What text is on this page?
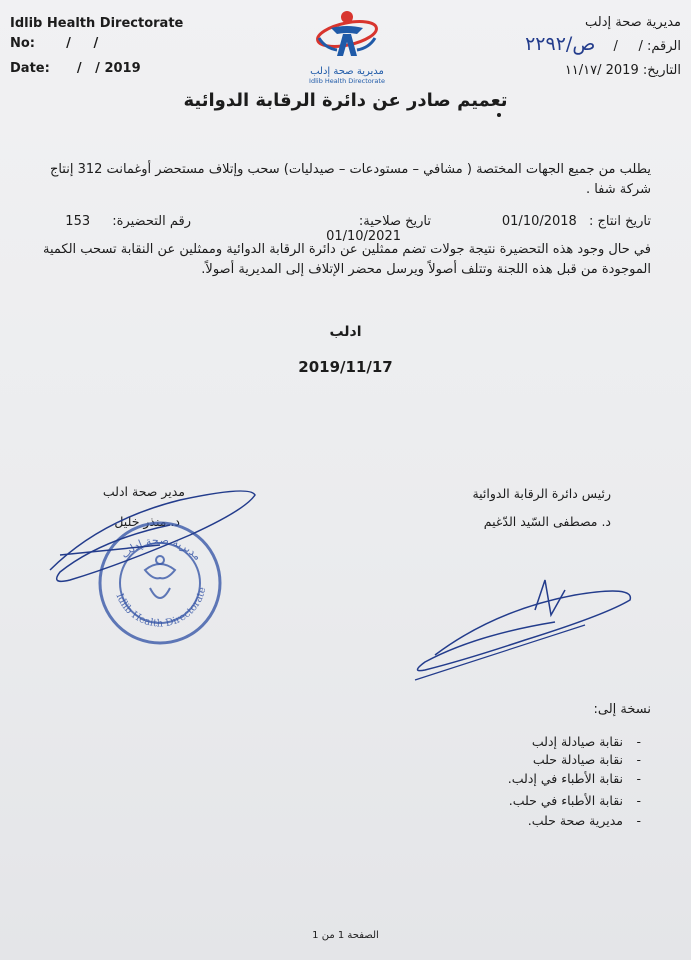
Idlib Health Directorate
No: /     /
Date: /   / 2019	مديرية صحة إدلب
Idlib Health Directorate
مديرية صحة إدلب
الرقم: /     / ص/٢٢٩٢
التاريخ: 2019 /١١/١٧
تعميم صادر عن دائرة الرقابة الدوائية
يطلب من جميع الجهات المختصة ( مشافي – مستودعات – صيدليات) سحب وإتلاف مستحضر أوغمانت 312 إنتاج شركة شفا .
تاريخ انتاج : 01/10/2018
تاريخ صلاحية: 01/10/2021
رقم التحضيرة: 153
في حال وجود هذه التحضيرة نتيجة جولات تضم ممثلين عن دائرة الرقابة الدوائية وممثلين عن النقابة تسحب الكمية الموجودة من قبل هذه اللجنة وتتلف أصولاً ويرسل محضر الإتلاف إلى المديرية أصولاً.
ادلب
2019/11/17
مدير صحة ادلب
د. منذر خليل
رئيس دائرة الرقابة الدوائية
د. مصطفى السّيد الدّغيم
Idlib Health Directorate
مديرية صحة إدلب
نسخة إلى:
-نقابة صيادلة إدلب
-نقابة صيادلة حلب
-نقابة الأطباء في إدلب.
-نقابة الأطباء في حلب.
-مديرية صحة حلب.
الصفحة 1 من 1
